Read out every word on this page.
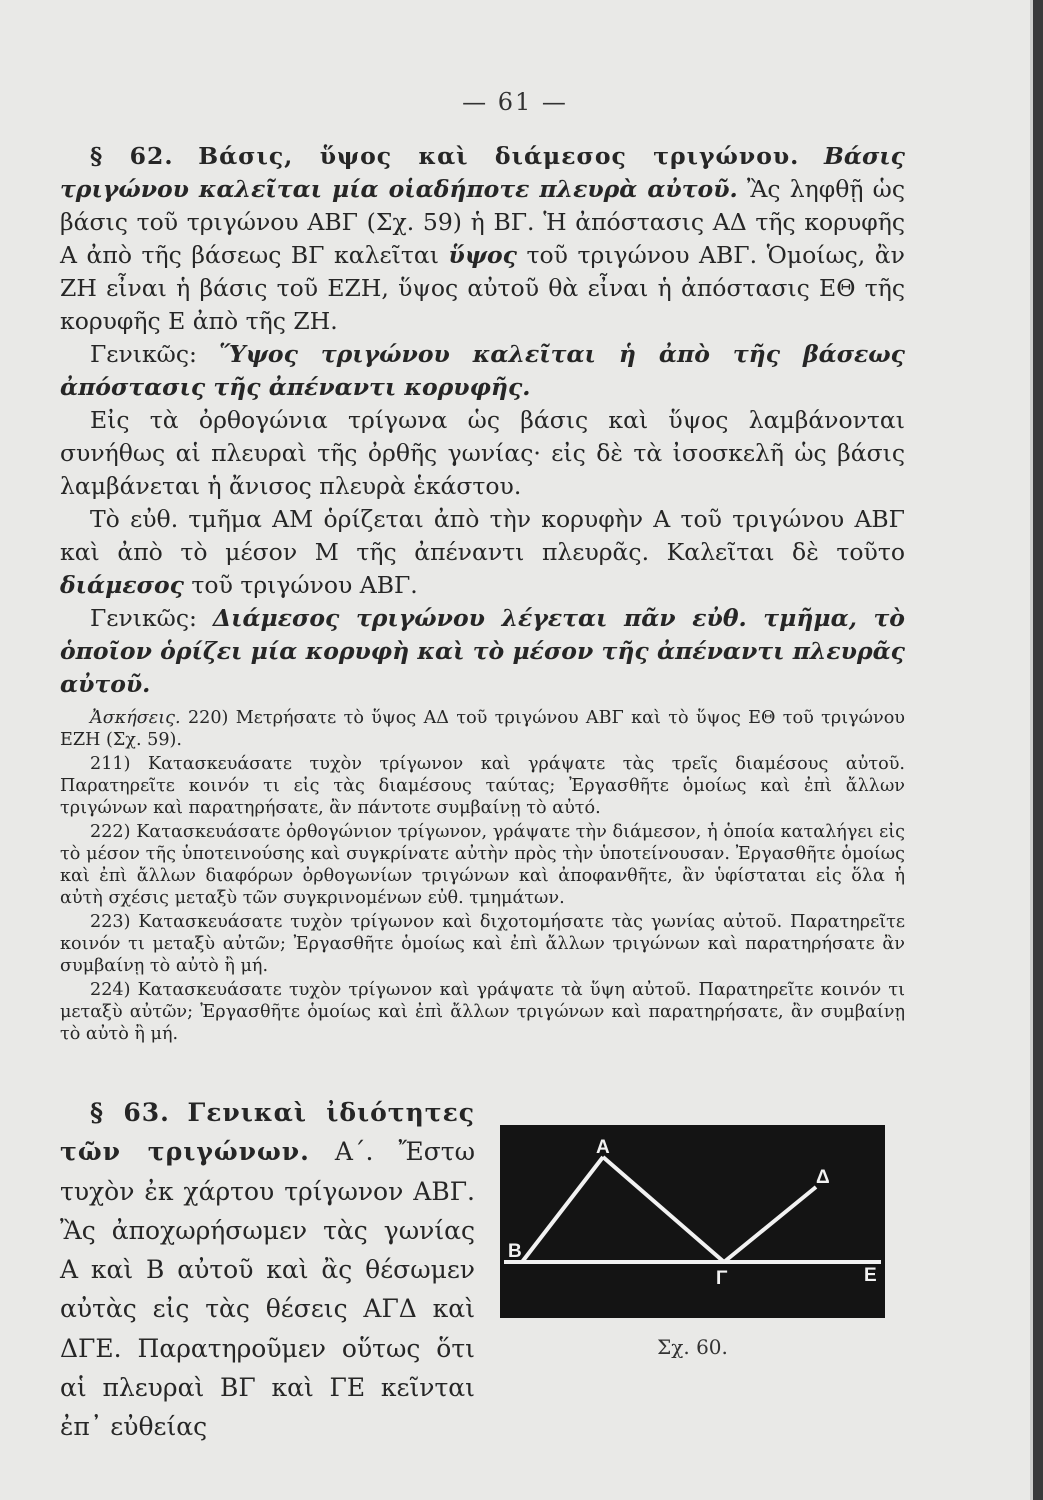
— 61 —

§ 62. Βάσις, ὕψος καὶ διάμεσος τριγώνου. Βάσις τριγώνου καλεῖται μία οἱαδήποτε πλευρὰ αὐτοῦ. Ἂς ληφθῇ ὡς βάσις τοῦ τριγώνου ΑΒΓ (Σχ. 59) ἡ ΒΓ. Ἡ ἀπόστασις ΑΔ τῆς κορυφῆς Α ἀπὸ τῆς βάσεως ΒΓ καλεῖται ὕψος τοῦ τριγώνου ΑΒΓ. Ὁμοίως, ἂν ΖΗ εἶναι ἡ βάσις τοῦ ΕΖΗ, ὕψος αὐτοῦ θὰ εἶναι ἡ ἀπόστασις ΕΘ τῆς κορυφῆς Ε ἀπὸ τῆς ΖΗ.

Γενικῶς: Ὕψος τριγώνου καλεῖται ἡ ἀπὸ τῆς βάσεως ἀπόστασις τῆς ἀπέναντι κορυφῆς.

Εἰς τὰ ὀρθογώνια τρίγωνα ὡς βάσις καὶ ὕψος λαμβάνονται συνήθως αἱ πλευραὶ τῆς ὀρθῆς γωνίας· εἰς δὲ τὰ ἰσοσκελῆ ὡς βάσις λαμβάνεται ἡ ἄνισος πλευρὰ ἑκάστου.

Τὸ εὐθ. τμῆμα ΑΜ ὁρίζεται ἀπὸ τὴν κορυφὴν Α τοῦ τριγώνου ΑΒΓ καὶ ἀπὸ τὸ μέσον Μ τῆς ἀπέναντι πλευρᾶς. Καλεῖται δὲ τοῦτο διάμεσος τοῦ τριγώνου ΑΒΓ.

Γενικῶς: Διάμεσος τριγώνου λέγεται πᾶν εὐθ. τμῆμα, τὸ ὁποῖον ὁρίζει μία κορυφὴ καὶ τὸ μέσον τῆς ἀπέναντι πλευρᾶς αὐτοῦ.

Ἀσκήσεις. 220) Μετρήσατε τὸ ὕψος ΑΔ τοῦ τριγώνου ΑΒΓ καὶ τὸ ὕψος ΕΘ τοῦ τριγώνου ΕΖΗ (Σχ. 59).

211) Κατασκευάσατε τυχὸν τρίγωνον καὶ γράψατε τὰς τρεῖς διαμέσους αὐτοῦ. Παρατηρεῖτε κοινόν τι εἰς τὰς διαμέσους ταύτας; Ἐργασθῆτε ὁμοίως καὶ ἐπὶ ἄλλων τριγώνων καὶ παρατηρήσατε, ἂν πάντοτε συμβαίνῃ τὸ αὐτό.

222) Κατασκευάσατε ὀρθογώνιον τρίγωνον, γράψατε τὴν διάμεσον, ἡ ὁποία καταλήγει εἰς τὸ μέσον τῆς ὑποτεινούσης καὶ συγκρίνατε αὐτὴν πρὸς τὴν ὑποτείνουσαν. Ἐργασθῆτε ὁμοίως καὶ ἐπὶ ἄλλων διαφόρων ὀρθογωνίων τριγώνων καὶ ἀποφανθῆτε, ἂν ὑφίσταται εἰς ὅλα ἡ αὐτὴ σχέσις μεταξὺ τῶν συγκρινομένων εὐθ. τμημάτων.

223) Κατασκευάσατε τυχὸν τρίγωνον καὶ διχοτομήσατε τὰς γωνίας αὐτοῦ. Παρατηρεῖτε κοινόν τι μεταξὺ αὐτῶν; Ἐργασθῆτε ὁμοίως καὶ ἐπὶ ἄλλων τριγώνων καὶ παρατηρήσατε ἂν συμβαίνῃ τὸ αὐτὸ ἢ μή.

224) Κατασκευάσατε τυχὸν τρίγωνον καὶ γράψατε τὰ ὕψη αὐτοῦ. Παρατηρεῖτε κοινόν τι μεταξὺ αὐτῶν; Ἐργασθῆτε ὁμοίως καὶ ἐπὶ ἄλλων τριγώνων καὶ παρατηρήσατε, ἂν συμβαίνῃ τὸ αὐτὸ ἢ μή.

§ 63. Γενικαὶ ἰδιότητες τῶν τριγώνων. Α΄. Ἔστω τυχὸν ἐκ χάρτου τρίγωνον ΑΒΓ. Ἂς ἀποχωρήσωμεν τὰς γωνίας Α καὶ Β αὐτοῦ καὶ ἂς θέσωμεν αὐτὰς εἰς τὰς θέσεις ΑΓΔ καὶ ΔΓΕ. Παρατηροῦμεν οὕτως ὅτι αἱ πλευραὶ ΒΓ καὶ ΓΕ κεῖνται ἐπ᾽ εὐθείας

Α
Β
Γ
Δ
Ε
Σχ. 60.
